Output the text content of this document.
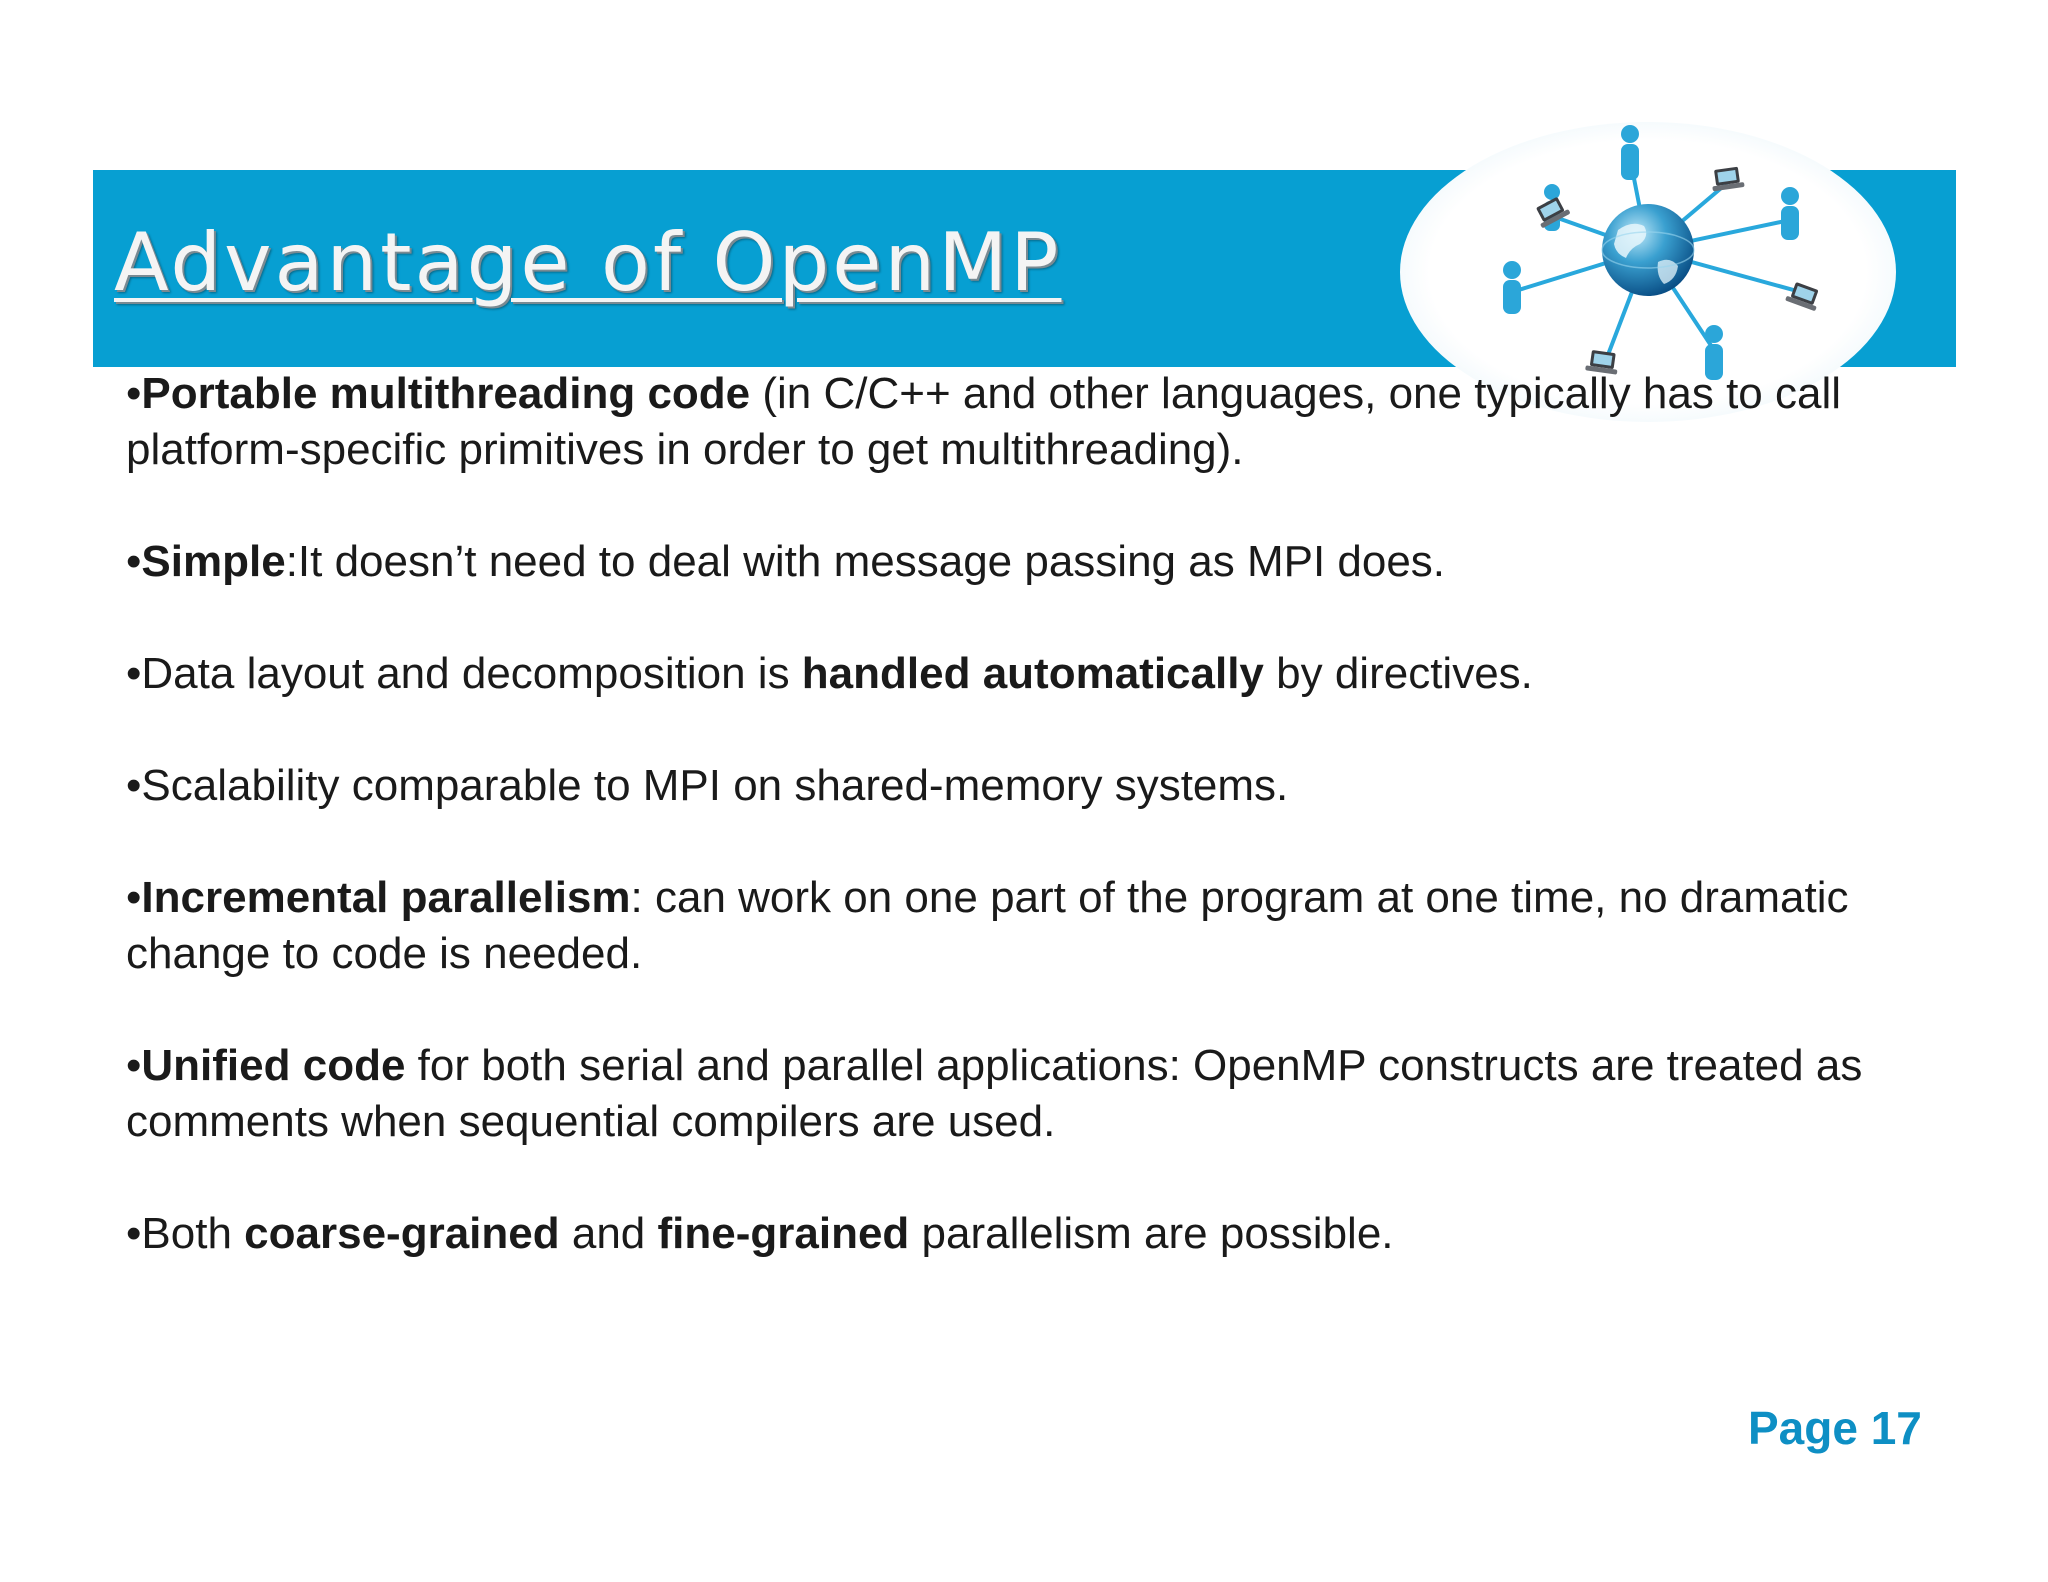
Advantage of OpenMP

•Portable multithreading code (in C/C++ and other languages, one typically has to call
platform-specific primitives in order to get multithreading).

•Simple:It doesn’t need to deal with message passing as MPI does.

•Data layout and decomposition is handled automatically by directives.

•Scalability comparable to MPI on shared-memory systems.

•Incremental parallelism: can work on one part of the program at one time, no dramatic
change to code is needed.

•Unified code for both serial and parallel applications: OpenMP constructs are treated as
comments when sequential compilers are used.

•Both coarse-grained and fine-grained parallelism are possible.

Page 17
